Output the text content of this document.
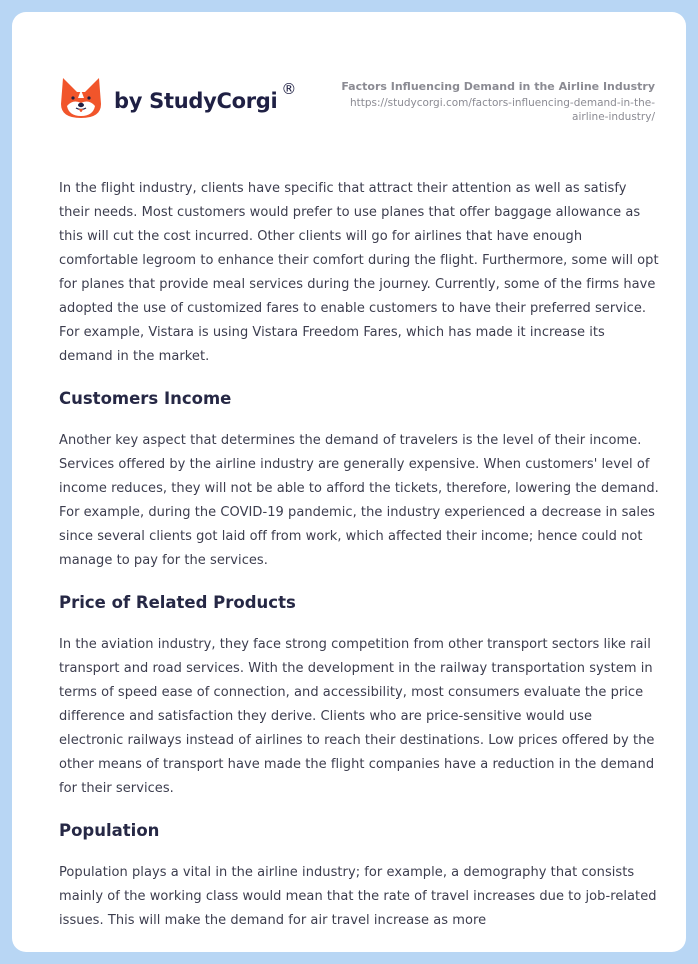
by StudyCorgi ®	Factors Influencing Demand in the Airline Industry
https://studycorgi.com/factors-influencing-demand-in-the-airline-industry/

In the flight industry, clients have specific that attract their attention as well as satisfy their needs. Most customers would prefer to use planes that offer baggage allowance as this will cut the cost incurred. Other clients will go for airlines that have enough comfortable legroom to enhance their comfort during the flight. Furthermore, some will opt for planes that provide meal services during the journey. Currently, some of the firms have adopted the use of customized fares to enable customers to have their preferred service. For example, Vistara is using Vistara Freedom Fares, which has made it increase its demand in the market.

Customers Income

Another key aspect that determines the demand of travelers is the level of their income. Services offered by the airline industry are generally expensive. When customers' level of income reduces, they will not be able to afford the tickets, therefore, lowering the demand. For example, during the COVID-19 pandemic, the industry experienced a decrease in sales since several clients got laid off from work, which affected their income; hence could not manage to pay for the services.

Price of Related Products

In the aviation industry, they face strong competition from other transport sectors like rail transport and road services. With the development in the railway transportation system in terms of speed ease of connection, and accessibility, most consumers evaluate the price difference and satisfaction they derive. Clients who are price-sensitive would use electronic railways instead of airlines to reach their destinations. Low prices offered by the other means of transport have made the flight companies have a reduction in the demand for their services.

Population

Population plays a vital in the airline industry; for example, a demography that consists mainly of the working class would mean that the rate of travel increases due to job-related issues. This will make the demand for air travel increase as more
